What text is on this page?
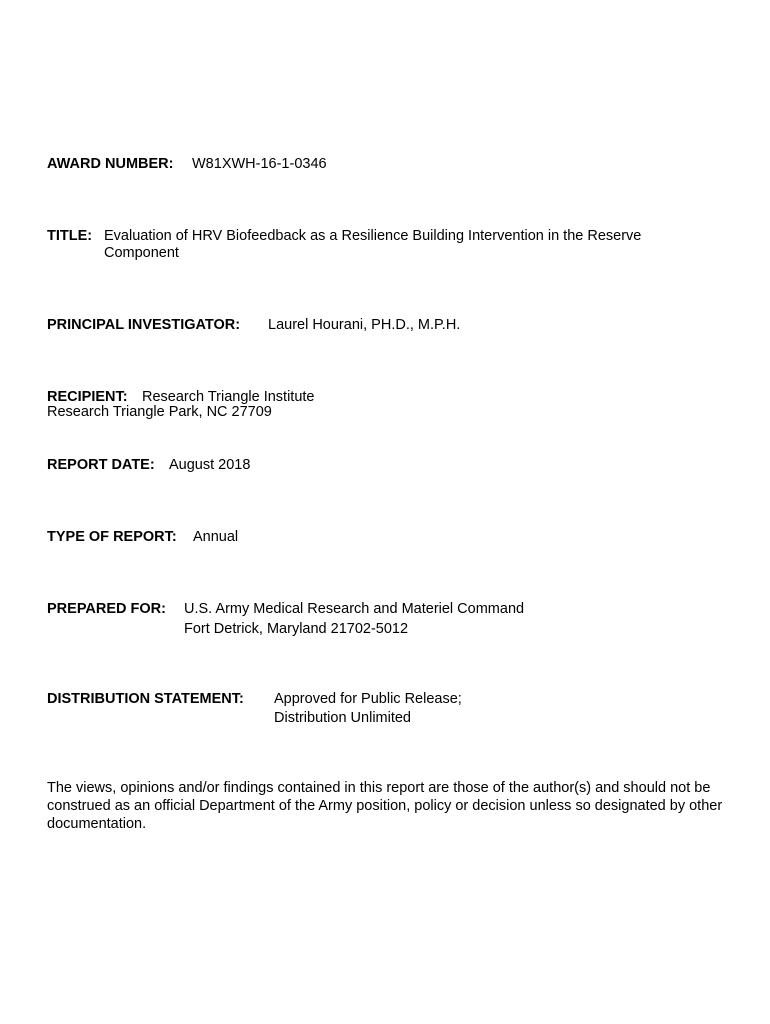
AWARD NUMBER: W81XWH-16-1-0346
TITLE: Evaluation of HRV Biofeedback as a Resilience Building Intervention in the Reserve
Component
PRINCIPAL INVESTIGATOR: Laurel Hourani, PH.D., M.P.H.
RECIPIENT: Research Triangle Institute
Research Triangle Park, NC 27709
REPORT DATE: August 2018
TYPE OF REPORT: Annual
PREPARED FOR: U.S. Army Medical Research and Materiel Command
Fort Detrick, Maryland 21702-5012
DISTRIBUTION STATEMENT: Approved for Public Release;
Distribution Unlimited
The views, opinions and/or findings contained in this report are those of the author(s) and should not be construed as an official Department of the Army position, policy or decision unless so designated by other documentation.
